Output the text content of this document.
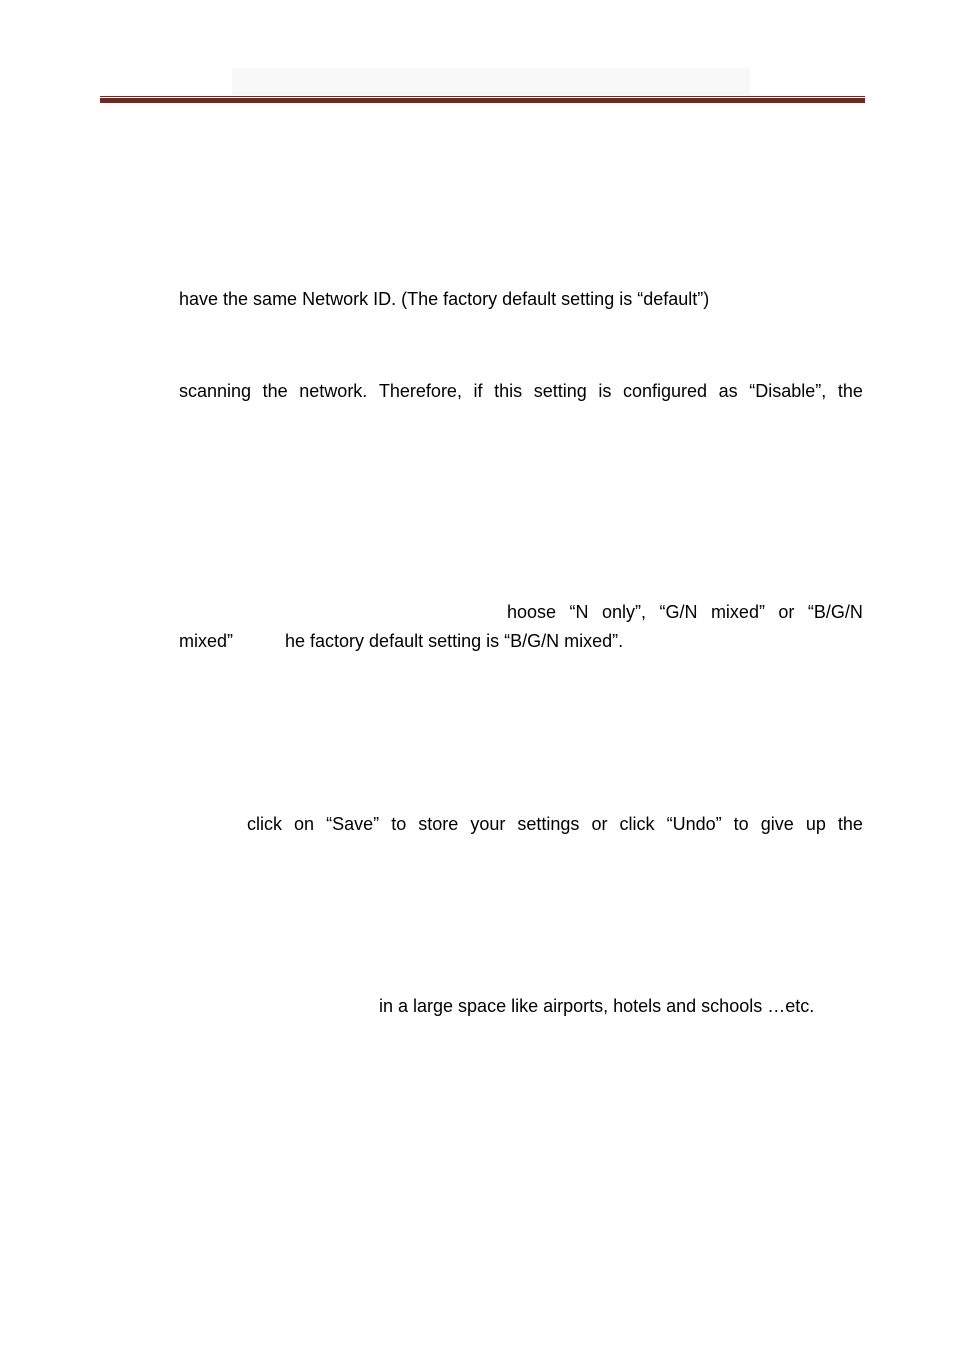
have the same Network ID. (The factory default setting is “default”)

scanning the network. Therefore, if this setting is configured as “Disable”, the

hoose “N only”, “G/N mixed” or “B/G/N

mixed”	he factory default setting is “B/G/N mixed”.

click on “Save” to store your settings or click “Undo” to give up the

in a large space like airports, hotels and schools …etc.
